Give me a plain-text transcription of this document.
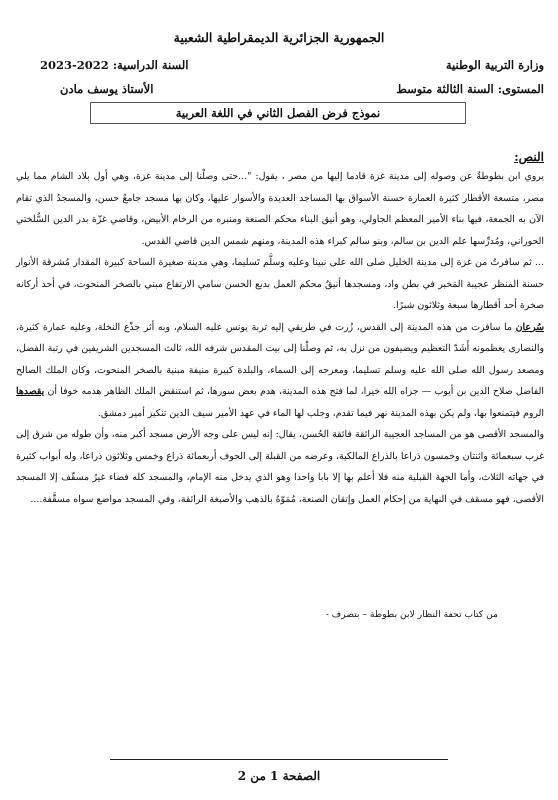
الجمهورية الجزائرية الديمقراطية الشعبية
وزارة التربية الوطنية
السنة الدراسية: 2022-2023
المستوى: السنة الثالثة متوسط
الأستاذ يوسف مادن
نموذج فرض الفصل الثاني في اللغة العربية
النص:

يروي ابن بطوطةُ عن وصوله إلى مدينة غزة قادما إليها من مصر ، يقول: "...حتى وصلْنا إلى مدينة غزة، وهي أول بلاد الشام مما يلي مصر، متسعة الأقطار كثيرة العمارة حسنة الأسواق بها المساجد العديدة والأسوار عليها، وكان بها مسجد جامعٌ حسن، والمسجدُ الذي تقام الآن به الجمعة، فيها بناء الأمير المعظم الجاولي، وهو أنيق البناء محكم الصنعة ومنبره من الرخام الأبيض، وقاضي غزّة بدر الدين السُّلختي الحوراني، ومُدرِّسها علم الدين بن سالم، وبنو سالم كبراء هذه المدينة، ومنهم شمس الدين قاضي القدس.

... ثم سافرتُ من غزة إلى مدينة الخليل صلى الله على نبينا وعليه وسلَّم تَسليما، وهي مدينة صغيرة الساحة كبيرة المقدار مُشرقة الأنوار حسنة المنظر عجيبة المَخبر في بطن واد، ومسجدها أنيقٌ محكم العمل بديع الحسن سامي الارتفاع مبني بالصخر المنحوت، في أحد أركانه صخرة أحد أقطارها سبعة وثلاثون شبرًا.

سُرعان ما سافرت من هذه المدينة إلى القدس، زُرت في طريقي إليه تربة يونس عليه السلام، وبه أثر جذْع النخلة، وعليه عمارة كثيرة، والنصارى يعظمونه أَشَدّ التعظيم ويضيفون من نزل به، ثم وصلْنا إلى بيت المقدس شرفه الله، ثالث المسجدين الشريفين في رتبة الفضل، ومصعد رسول الله صلى الله عليه وسلم تسليما، ومعرجه إلى السماء، والبلدة كبيرة منيفة مبنية بالصخر المنحوت، وكان الملك الصالح الفاضل صلاح الدين بن أيوب — جزاه الله خيرا، لما فتح هذه المدينة، هدم بعض سورها، ثم استنقض الملك الظاهر هدمه خوفا أن يقصدها الروم فيتمنعوا بها، ولم يكن بهذه المدينة نهر فيما تقدم، وجلب لها الماء في عهد الأمير سيف الدين تنكيز أمير دمشق.

والمسجد الأقصى هو من المساجد العجيبة الرائقة فائقة الحُسن، يقال: إنه ليس على وجه الأرض مسجد أكبر منه، وأن طوله من شرق إلى غرب سبعمائة واثنتان وخمسون ذراعا بالذراع المالكية، وعرضه من القبلة إلى الجوف أربعمائة ذراع وخمس وثلاثون ذراعا، وله أبواب كثيرة في جهاته الثلاث، وأما الجهة القبلية منه فلا أعلم بها إلا بابا واحدا وهو الذي يدخل منه الإمام، والمسجد كله فضاء غيرُ مسقّف إلا المسجد الأقصى، فهو مسقف في النهاية من إحكام العمل وإتقان الصنعة، مُمَوّهٌ بالذهب والأصبغة الرائقة، وفي المسجد مواضع سواه مسقَّفة....

من كتاب تحفة النظار لابن بطوطة – بتصرف -
الصفحة 1 من 2
